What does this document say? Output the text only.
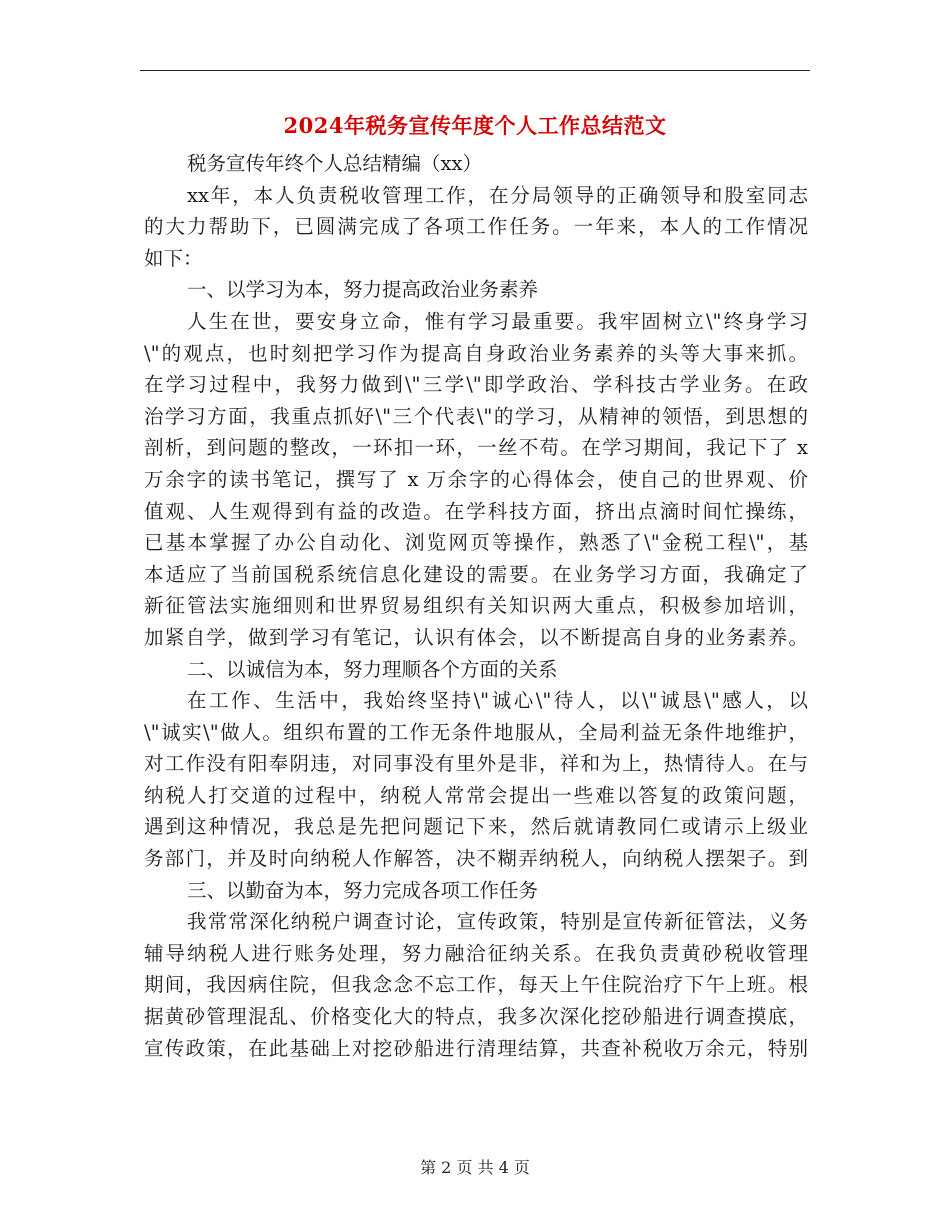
2024年税务宣传年度个人工作总结范文
税务宣传年终个人总结精编（xx）
xx年，本人负责税收管理工作，在分局领导的正确领导和股室同志
的大力帮助下，已圆满完成了各项工作任务。一年来，本人的工作情况
如下：
一、以学习为本，努力提高政治业务素养
人生在世，要安身立命，惟有学习最重要。我牢固树立\"终身学习
\"的观点，也时刻把学习作为提高自身政治业务素养的头等大事来抓。
在学习过程中，我努力做到\"三学\"即学政治、学科技古学业务。在政
治学习方面，我重点抓好\"三个代表\"的学习，从精神的领悟，到思想的
剖析，到问题的整改，一环扣一环，一丝不苟。在学习期间，我记下了 x
万余字的读书笔记，撰写了 x 万余字的心得体会，使自己的世界观、价
值观、人生观得到有益的改造。在学科技方面，挤出点滴时间忙操练，
已基本掌握了办公自动化、浏览网页等操作，熟悉了\"金税工程\"，基
本适应了当前国税系统信息化建设的需要。在业务学习方面，我确定了
新征管法实施细则和世界贸易组织有关知识两大重点，积极参加培训，
加紧自学，做到学习有笔记，认识有体会，以不断提高自身的业务素养。
二、以诚信为本，努力理顺各个方面的关系
在工作、生活中，我始终坚持\"诚心\"待人，以\"诚恳\"感人，以
\"诚实\"做人。组织布置的工作无条件地服从，全局利益无条件地维护，
对工作没有阳奉阴违，对同事没有里外是非，祥和为上，热情待人。在与
纳税人打交道的过程中，纳税人常常会提出一些难以答复的政策问题，
遇到这种情况，我总是先把问题记下来，然后就请教同仁或请示上级业
务部门，并及时向纳税人作解答，决不糊弄纳税人，向纳税人摆架子。到
三、以勤奋为本，努力完成各项工作任务
我常常深化纳税户调查讨论，宣传政策，特别是宣传新征管法，义务
辅导纳税人进行账务处理，努力融洽征纳关系。在我负责黄砂税收管理
期间，我因病住院，但我念念不忘工作，每天上午住院治疗下午上班。根
据黄砂管理混乱、价格变化大的特点，我多次深化挖砂船进行调查摸底，
宣传政策，在此基础上对挖砂船进行清理结算，共查补税收万余元，特别
第 2 页 共 4 页
